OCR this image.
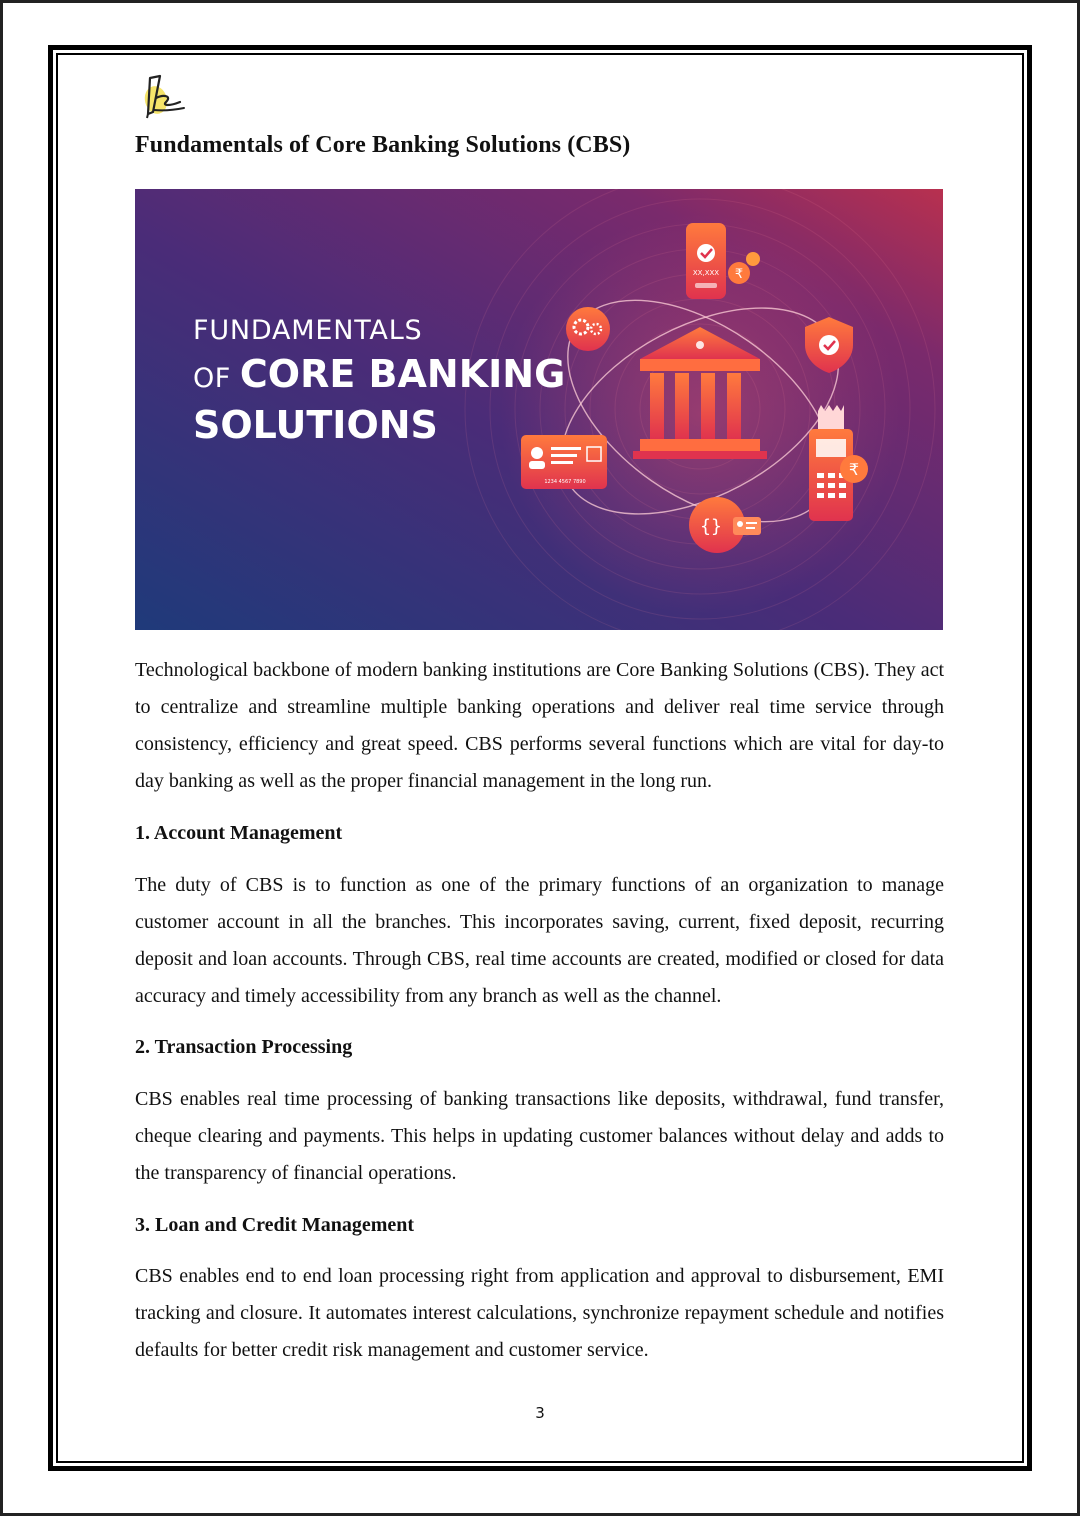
Fundamentals of Core Banking Solutions (CBS)
XX,XXX ₹
1234 4567 7890
₹
{}
FUNDAMENTALS
OF CORE BANKING
SOLUTIONS

Technological backbone of modern banking institutions are Core Banking Solutions (CBS). They act to centralize and streamline multiple banking operations and deliver real time service through consistency, efficiency and great speed. CBS performs several functions which are vital for day-to day banking as well as the proper financial management in the long run.

1. Account Management

The duty of CBS is to function as one of the primary functions of an organization to manage customer account in all the branches. This incorporates saving, current, fixed deposit, recurring deposit and loan accounts. Through CBS, real time accounts are created, modified or closed for data accuracy and timely accessibility from any branch as well as the channel.

2. Transaction Processing

CBS enables real time processing of banking transactions like deposits, withdrawal, fund transfer, cheque clearing and payments. This helps in updating customer balances without delay and adds to the transparency of financial operations.

3. Loan and Credit Management

CBS enables end to end loan processing right from application and approval to disbursement, EMI tracking and closure. It automates interest calculations, synchronize repayment schedule and notifies defaults for better credit risk management and customer service.

3
